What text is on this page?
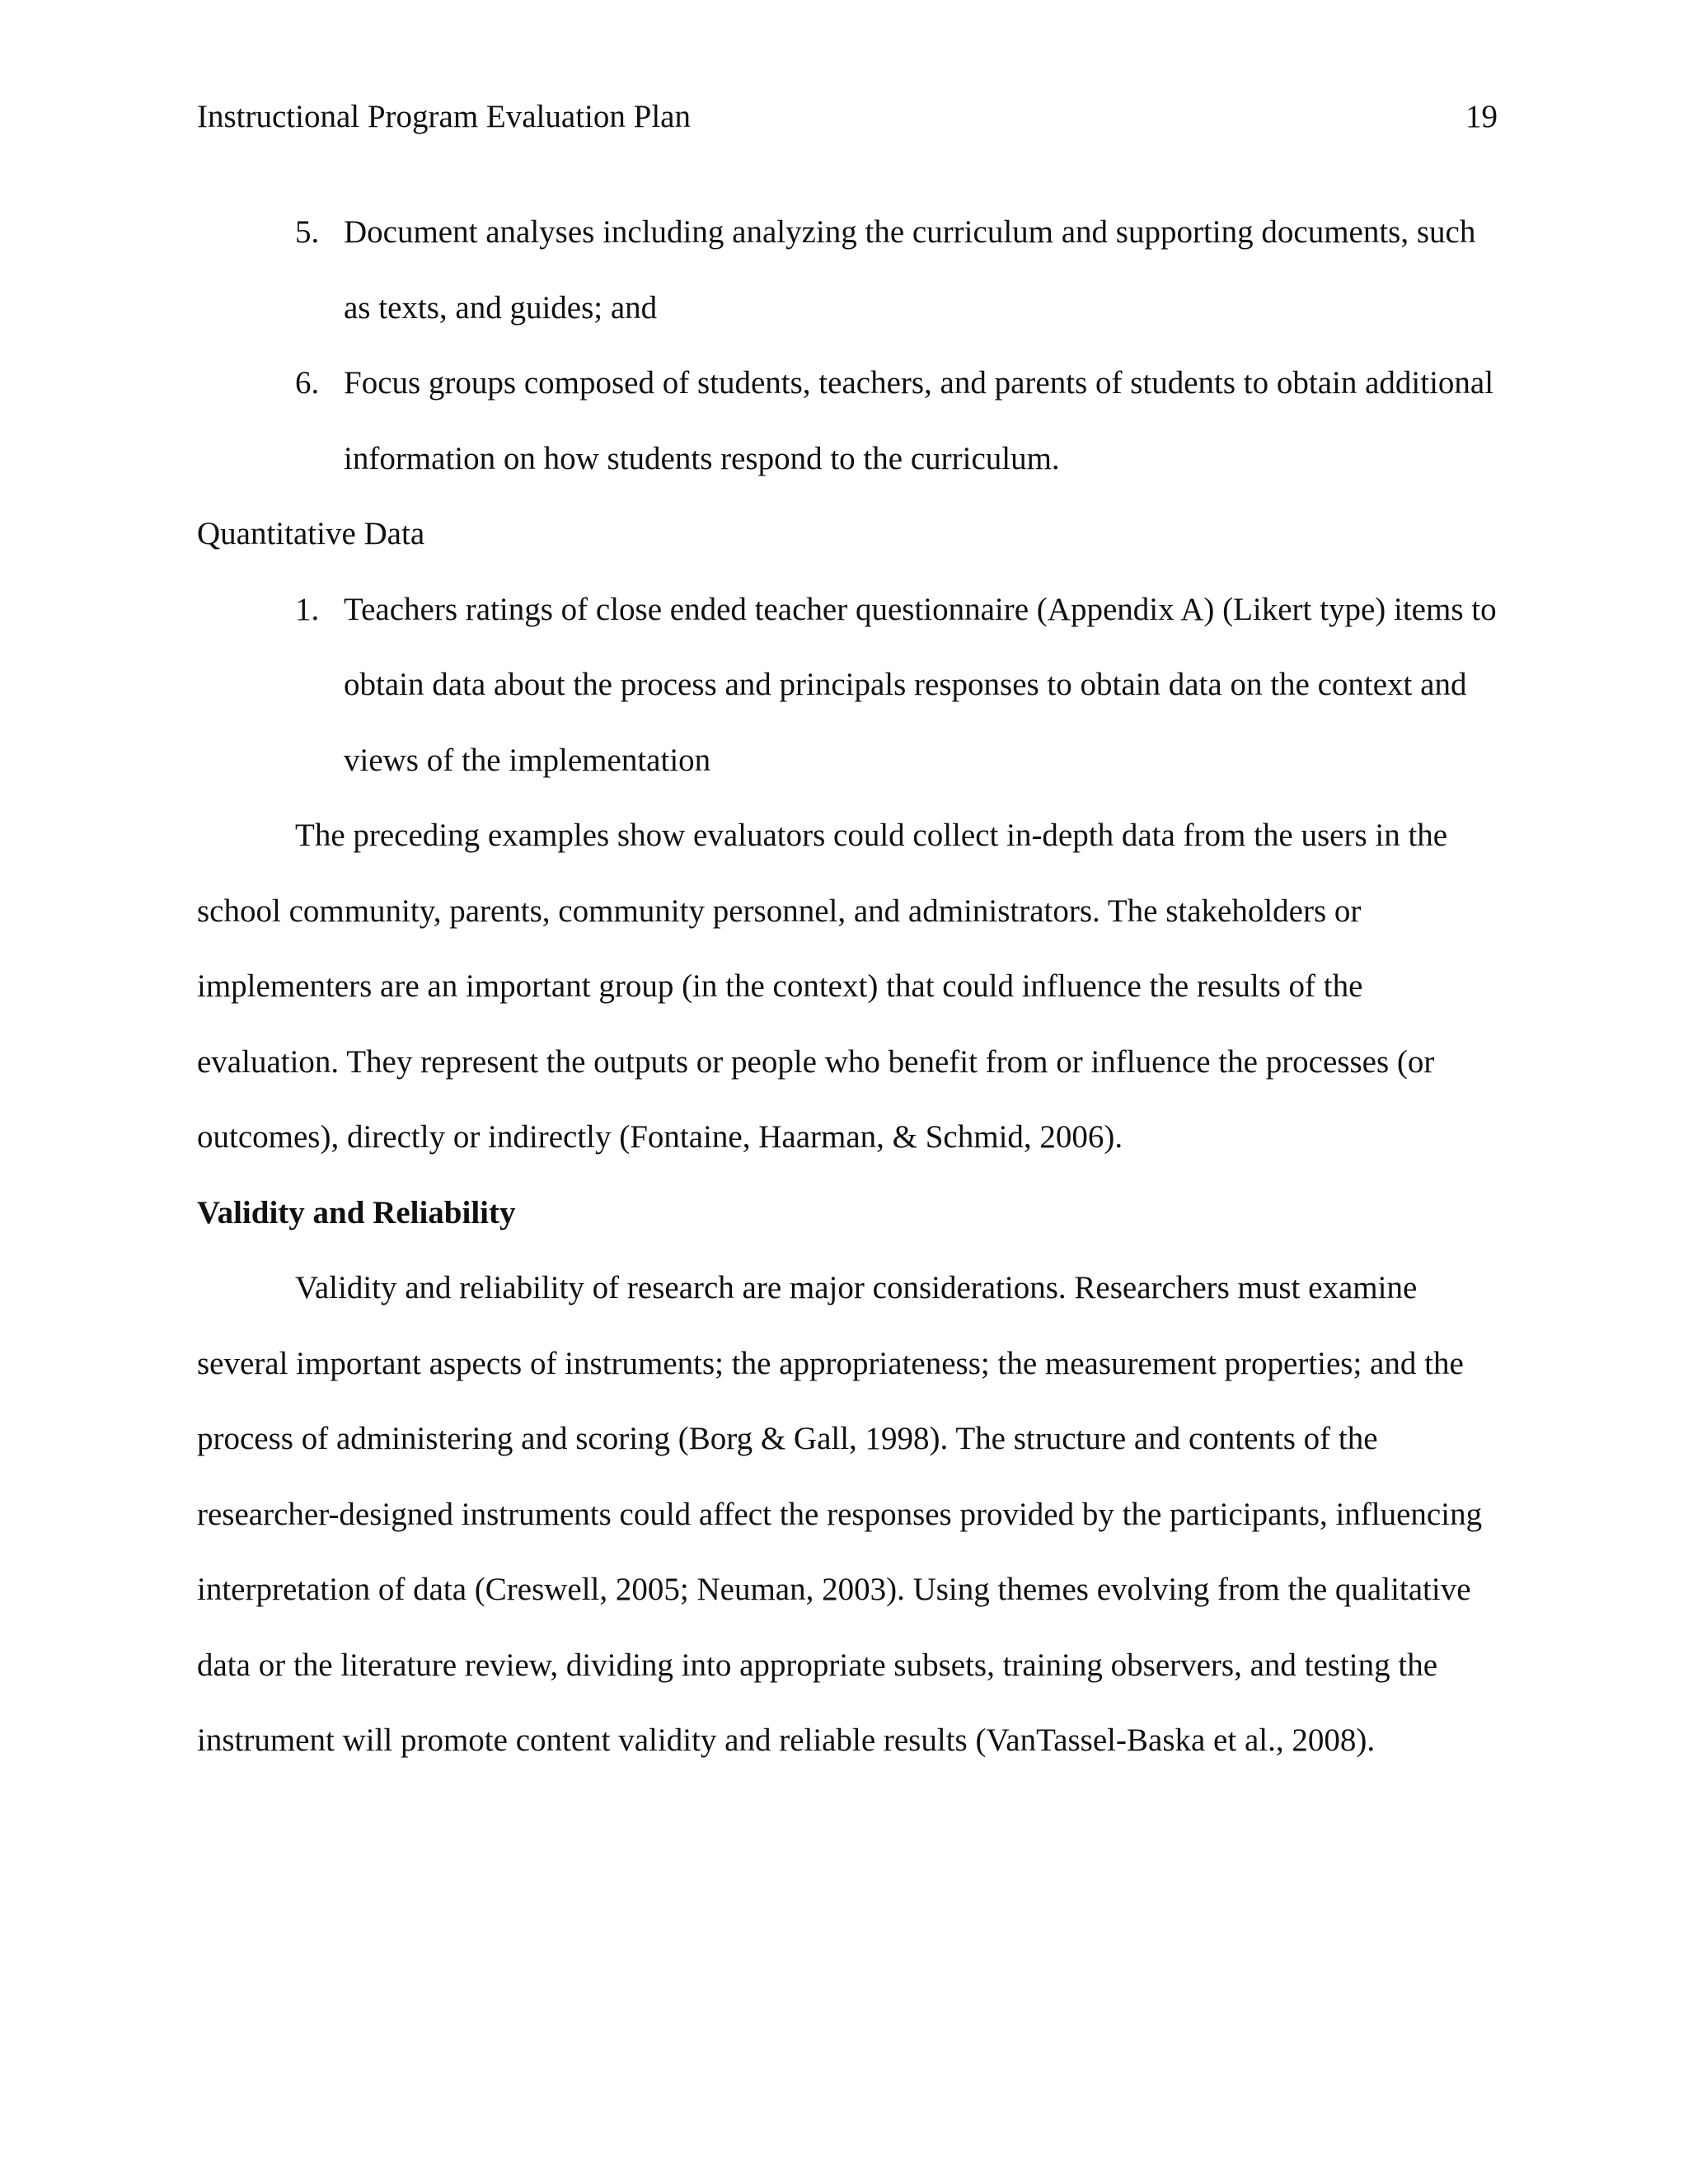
Instructional Program Evaluation Plan	19
5. Document analyses including analyzing the curriculum and supporting documents, such as texts, and guides; and
6. Focus groups composed of students, teachers, and parents of students to obtain additional information on how students respond to the curriculum.
Quantitative Data
1. Teachers ratings of close ended teacher questionnaire (Appendix A) (Likert type) items to obtain data about the process and principals responses to obtain data on the context and views of the implementation

The preceding examples show evaluators could collect in-depth data from the users in the school community, parents, community personnel, and administrators. The stakeholders or implementers are an important group (in the context) that could influence the results of the evaluation. They represent the outputs or people who benefit from or influence the processes (or outcomes), directly or indirectly (Fontaine, Haarman, & Schmid, 2006).

Validity and Reliability

Validity and reliability of research are major considerations. Researchers must examine several important aspects of instruments; the appropriateness; the measurement properties; and the process of administering and scoring (Borg & Gall, 1998). The structure and contents of the researcher-designed instruments could affect the responses provided by the participants, influencing interpretation of data (Creswell, 2005; Neuman, 2003). Using themes evolving from the qualitative data or the literature review, dividing into appropriate subsets, training observers, and testing the instrument will promote content validity and reliable results (VanTassel-Baska et al., 2008).
